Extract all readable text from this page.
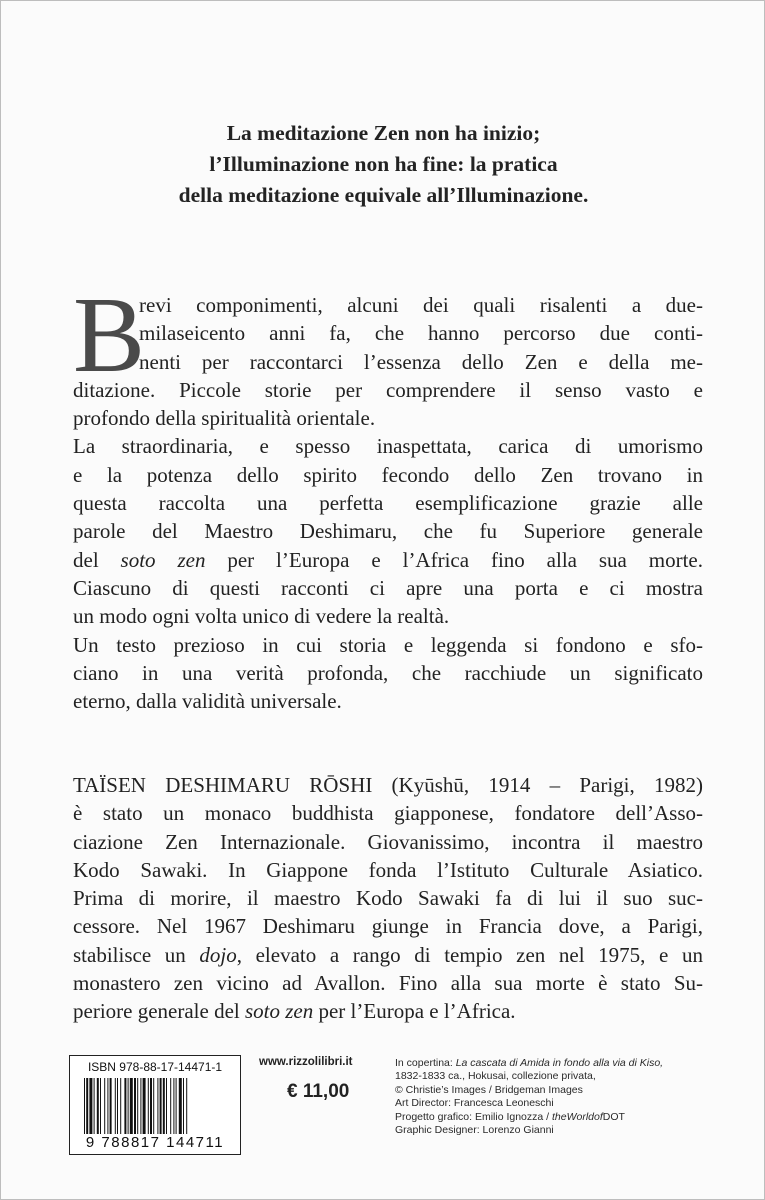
La meditazione Zen non ha inizio;
l’Illuminazione non ha fine: la pratica
della meditazione equivale all’Illuminazione.
B
revi componimenti, alcuni dei quali risalenti a due-
milaseicento anni fa, che hanno percorso due conti-
nenti per raccontarci l’essenza dello Zen e della me-
ditazione. Piccole storie per comprendere il senso vasto e
profondo della spiritualità orientale.
La straordinaria, e spesso inaspettata, carica di umorismo
e la potenza dello spirito fecondo dello Zen trovano in
questa raccolta una perfetta esemplificazione grazie alle
parole del Maestro Deshimaru, che fu Superiore generale
del soto zen per l’Europa e l’Africa fino alla sua morte.
Ciascuno di questi racconti ci apre una porta e ci mostra
un modo ogni volta unico di vedere la realtà.
Un testo prezioso in cui storia e leggenda si fondono e sfo-
ciano in una verità profonda, che racchiude un significato
eterno, dalla validità universale.
TAÏSEN DESHIMARU RŌSHI (Kyūshū, 1914 – Parigi, 1982)
è stato un monaco buddhista giapponese, fondatore dell’Asso-
ciazione Zen Internazionale. Giovanissimo, incontra il maestro
Kodo Sawaki. In Giappone fonda l’Istituto Culturale Asiatico.
Prima di morire, il maestro Kodo Sawaki fa di lui il suo suc-
cessore. Nel 1967 Deshimaru giunge in Francia dove, a Parigi,
stabilisce un dojo, elevato a rango di tempio zen nel 1975, e un
monastero zen vicino ad Avallon. Fino alla sua morte è stato Su-
periore generale del soto zen per l’Europa e l’Africa.
ISBN 978-88-17-14471-1
9 788817 144711
www.rizzolilibri.it
€ 11,00
In copertina: La cascata di Amida in fondo alla via di Kiso,
1832-1833 ca., Hokusai, collezione privata,
© Christie’s Images / Bridgeman Images
Art Director: Francesca Leoneschi
Progetto grafico: Emilio Ignozza / theWorldofDOT
Graphic Designer: Lorenzo Gianni
